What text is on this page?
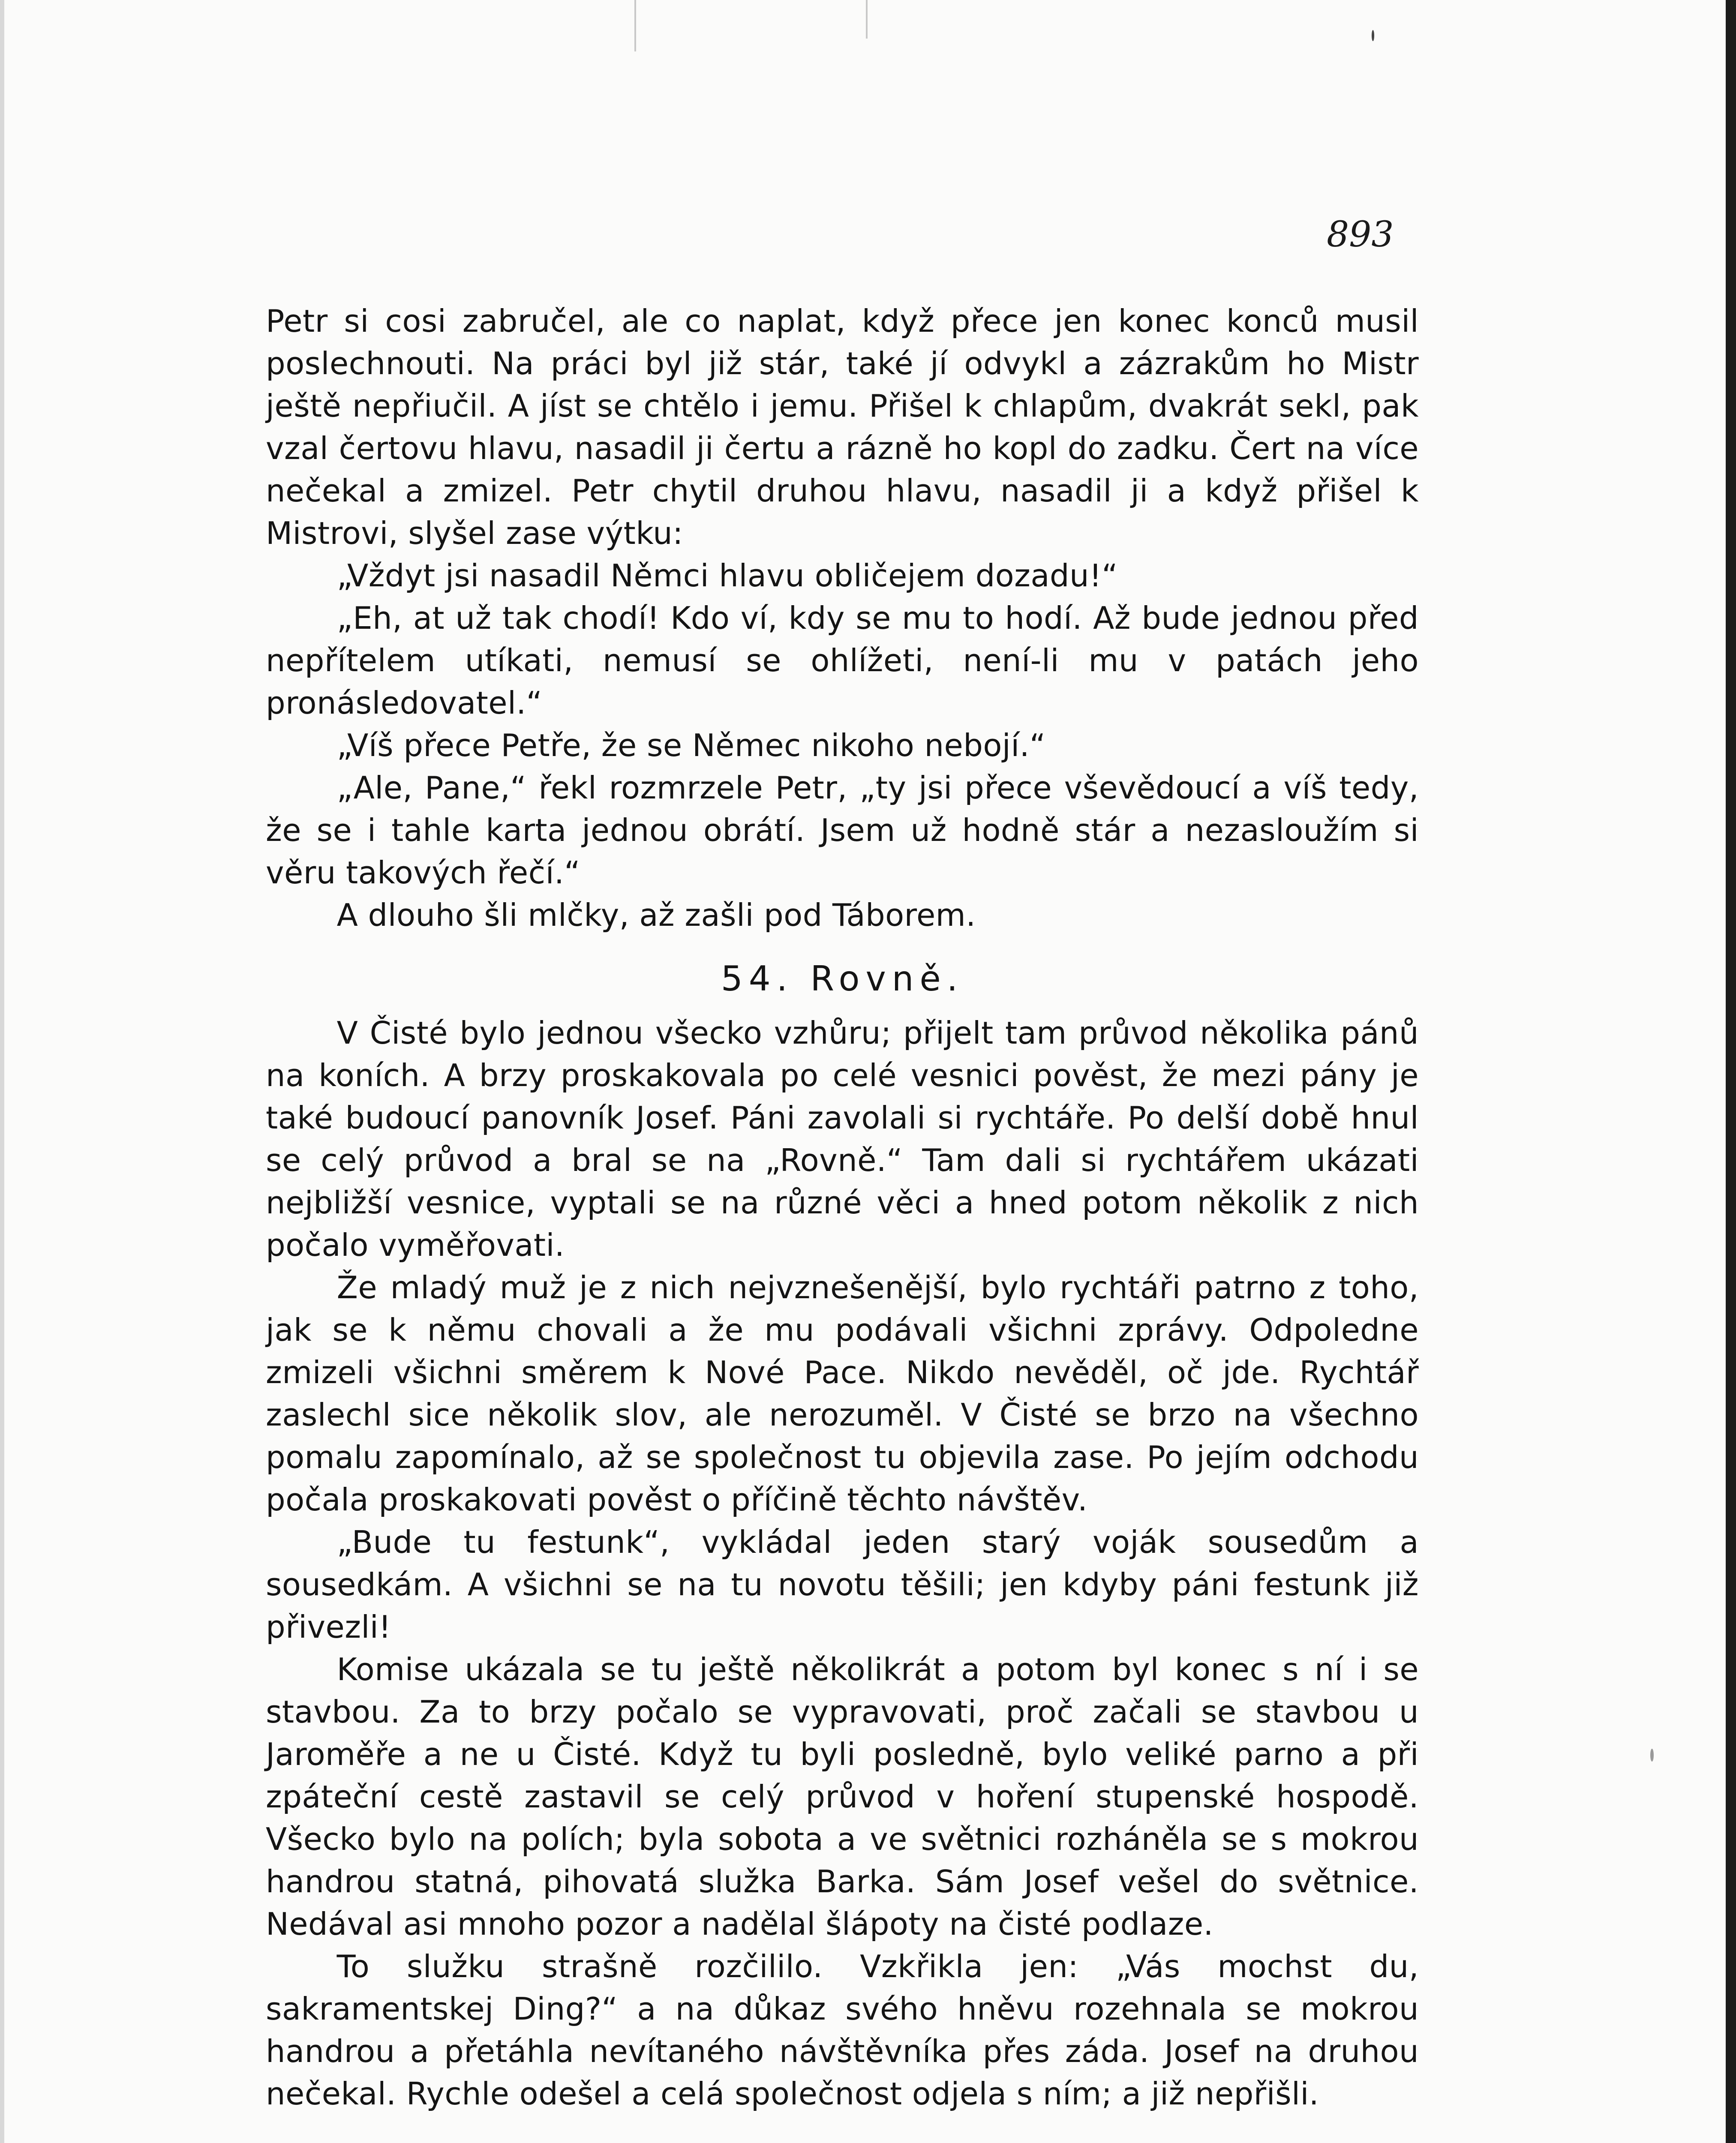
893

Petr si cosi zabručel, ale co naplat, když přece jen konec konců musil poslechnouti. Na práci byl již stár, také jí odvykl a zázrakům ho Mistr ještě nepřiučil. A jíst se chtělo i jemu. Přišel k chlapům, dvakrát sekl, pak vzal čertovu hlavu, nasadil ji čertu a rázně ho kopl do zadku. Čert na více nečekal a zmizel. Petr chytil druhou hlavu, nasadil ji a když přišel k Mistrovi, slyšel zase výtku:

„Vždyt jsi nasadil Němci hlavu obličejem dozadu!“

„Eh, at už tak chodí! Kdo ví, kdy se mu to hodí. Až bude jednou před nepřítelem utíkati, nemusí se ohlížeti, není-li mu v patách jeho pronásledovatel.“

„Víš přece Petře, že se Němec nikoho nebojí.“

„Ale, Pane,“ řekl rozmrzele Petr, „ty jsi přece vševědoucí a víš tedy, že se i tahle karta jednou obrátí. Jsem už hodně stár a nezasloužím si věru takových řečí.“

A dlouho šli mlčky, až zašli pod Táborem.

54. Rovně.

V Čisté bylo jednou všecko vzhůru; přijelt tam průvod několika pánů na koních. A brzy proskakovala po celé vesnici pověst, že mezi pány je také budoucí panovník Josef. Páni zavolali si rychtáře. Po delší době hnul se celý průvod a bral se na „Rovně.“ Tam dali si rychtářem ukázati nejbližší vesnice, vyptali se na různé věci a hned potom několik z nich počalo vyměřovati.

Že mladý muž je z nich nejvznešenější, bylo rychtáři patrno z toho, jak se k němu chovali a že mu podávali všichni zprávy. Odpoledne zmizeli všichni směrem k Nové Pace. Nikdo nevěděl, oč jde. Rychtář zaslechl sice několik slov, ale nerozuměl. V Čisté se brzo na všechno pomalu zapomínalo, až se společnost tu objevila zase. Po jejím odchodu počala proskakovati pověst o příčině těchto návštěv.

„Bude tu festunk“, vykládal jeden starý voják sousedům a sousedkám. A všichni se na tu novotu těšili; jen kdyby páni festunk již přivezli!

Komise ukázala se tu ještě několikrát a potom byl konec s ní i se stavbou. Za to brzy počalo se vypravovati, proč začali se stavbou u Jaroměře a ne u Čisté. Když tu byli posledně, bylo veliké parno a při zpáteční cestě zastavil se celý průvod v hoření stupenské hospodě. Všecko bylo na polích; byla sobota a ve světnici rozháněla se s mokrou handrou statná, pihovatá služka Barka. Sám Josef vešel do světnice. Nedával asi mnoho pozor a nadělal šlápoty na čisté podlaze.

To služku strašně rozčililo. Vzkřikla jen: „Vás mochst du, sakramentskej Ding?“ a na důkaz svého hněvu rozehnala se mokrou handrou a přetáhla nevítaného návštěvníka přes záda. Josef na druhou nečekal. Rychle odešel a celá společnost odjela s ním; a již nepřišli.
